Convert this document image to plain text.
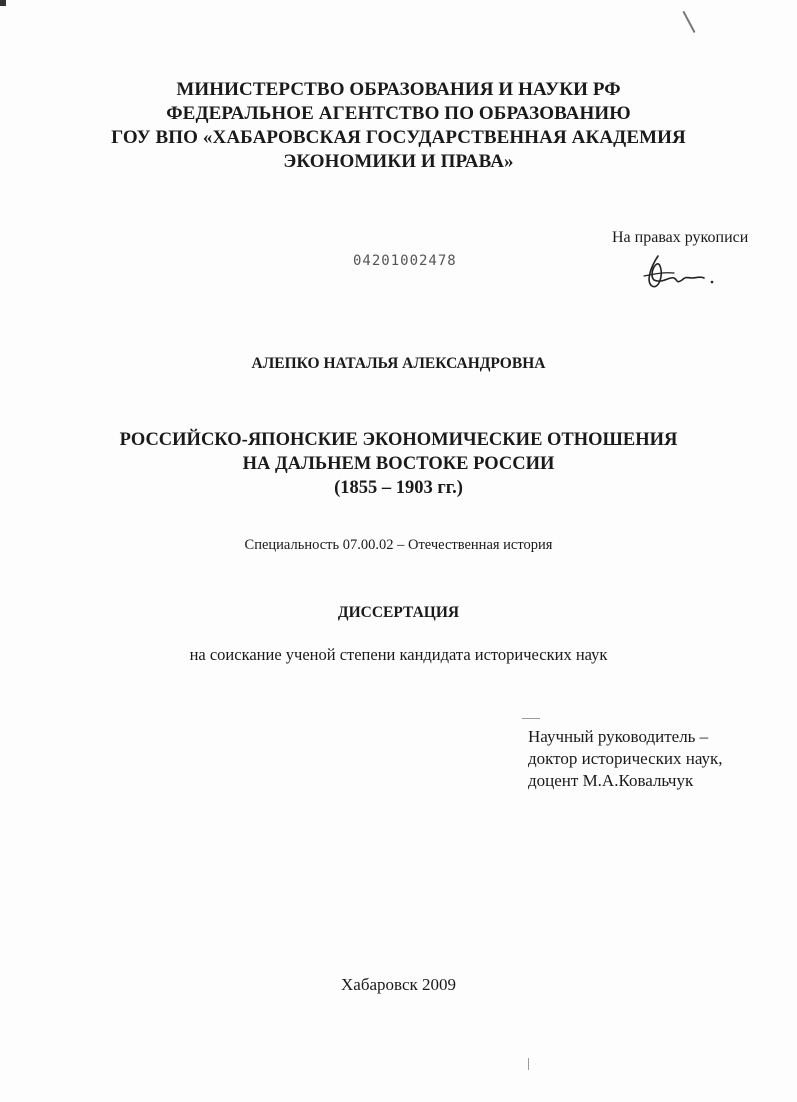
МИНИСТЕРСТВО ОБРАЗОВАНИЯ И НАУКИ РФ
ФЕДЕРАЛЬНОЕ АГЕНТСТВО ПО ОБРАЗОВАНИЮ
ГОУ ВПО «ХАБАРОВСКАЯ ГОСУДАРСТВЕННАЯ АКАДЕМИЯ
ЭКОНОМИКИ И ПРАВА»
На правах рукописи
04201002478
АЛЕПКО НАТАЛЬЯ АЛЕКСАНДРОВНА
РОССИЙСКО-ЯПОНСКИЕ ЭКОНОМИЧЕСКИЕ ОТНОШЕНИЯ
НА ДАЛЬНЕМ ВОСТОКЕ РОССИИ
(1855 – 1903 гг.)
Специальность 07.00.02 – Отечественная история
ДИССЕРТАЦИЯ
на соискание ученой степени кандидата исторических наук
Научный руководитель –
доктор исторических наук,
доцент М.А.Ковальчук
Хабаровск 2009
